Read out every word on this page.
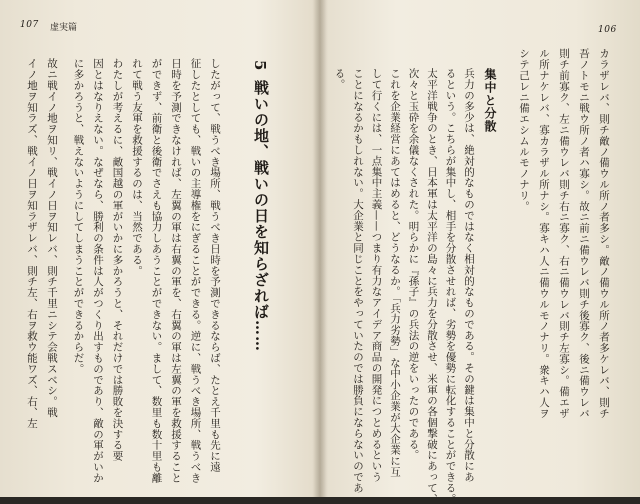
107 虚実篇
5
戦いの地、戦いの日を知らざれば……

したがって、戦うべき場所、戦うべき日時を予測できるならば、たとえ千里も先に遠

征したとしても、戦いの主導権をにぎることができる。逆に、戦うべき場所、戦うべき

日時を予測できなければ、左翼の軍は右翼の軍を、右翼の軍は左翼の軍を救援すること

ができず、前衛と後衛でさえも協力しあうことができない。まして、数里も数十里も離

れて戦う友軍を救援するのは、当然である。

わたしが考えるに、敵国越の軍がいかに多かろうと、それだけでは勝敗を決する要

因とはなりえない。なぜなら、勝利の条件は人がつくり出すものであり、敵の軍がいか

に多かろうと、戦えないようにしてしまうことができるからだ。

故ニ戦イノ地ヲ知リ、戦イノ日ヲ知レバ、則チ千里ニシテ会戦スベシ。戦

イノ地ヲ知ラズ、戦イノ日ヲ知ラザレバ、則チ左、右ヲ救ウ能ワズ、右、左

106

カラザレバ、則チ敵ノ備ウル所ノ者多シ。敵ノ備ウル所ノ者多ケレバ、則チ

吾ノトモニ戦ウ所ノ者ハ寡シ。故ニ前ニ備ウレバ則チ後寡ク、後ニ備ウレバ

則チ前寡ク、左ニ備ウレバ則チ右ニ寡ク、右ニ備ウレバ則チ左寡シ。備エザ

ル所ナケレバ、寡カラザル所ナシ。寡キハ人ニ備ウルモノナリ。衆キハ人ヲ

シテ己レニ備エシムルモノナリ。

集中と分散

兵力の多少は、絶対的なものではなく相対的なものである。その鍵は集中と分散にあ

るという。こちらが集中し、相手を分散させれば、劣勢を優勢に転化することができる。

太平洋戦争のとき、日本軍は太平洋の島々に兵力を分散させ、米軍の各個撃破にあって、

次々と玉砕を余儀なくされた。明らかに『孫子』の兵法の逆をいったのである。

これを企業経営にあてはめると、どうなるか。「兵力劣勢」な中小企業が大企業に互

して行くには、一点集中主義——つまり有力なアイデア商品の開発につとめるという

ことになるかもしれない。大企業と同じことをやっていたのでは勝負にならないのであ

る。
